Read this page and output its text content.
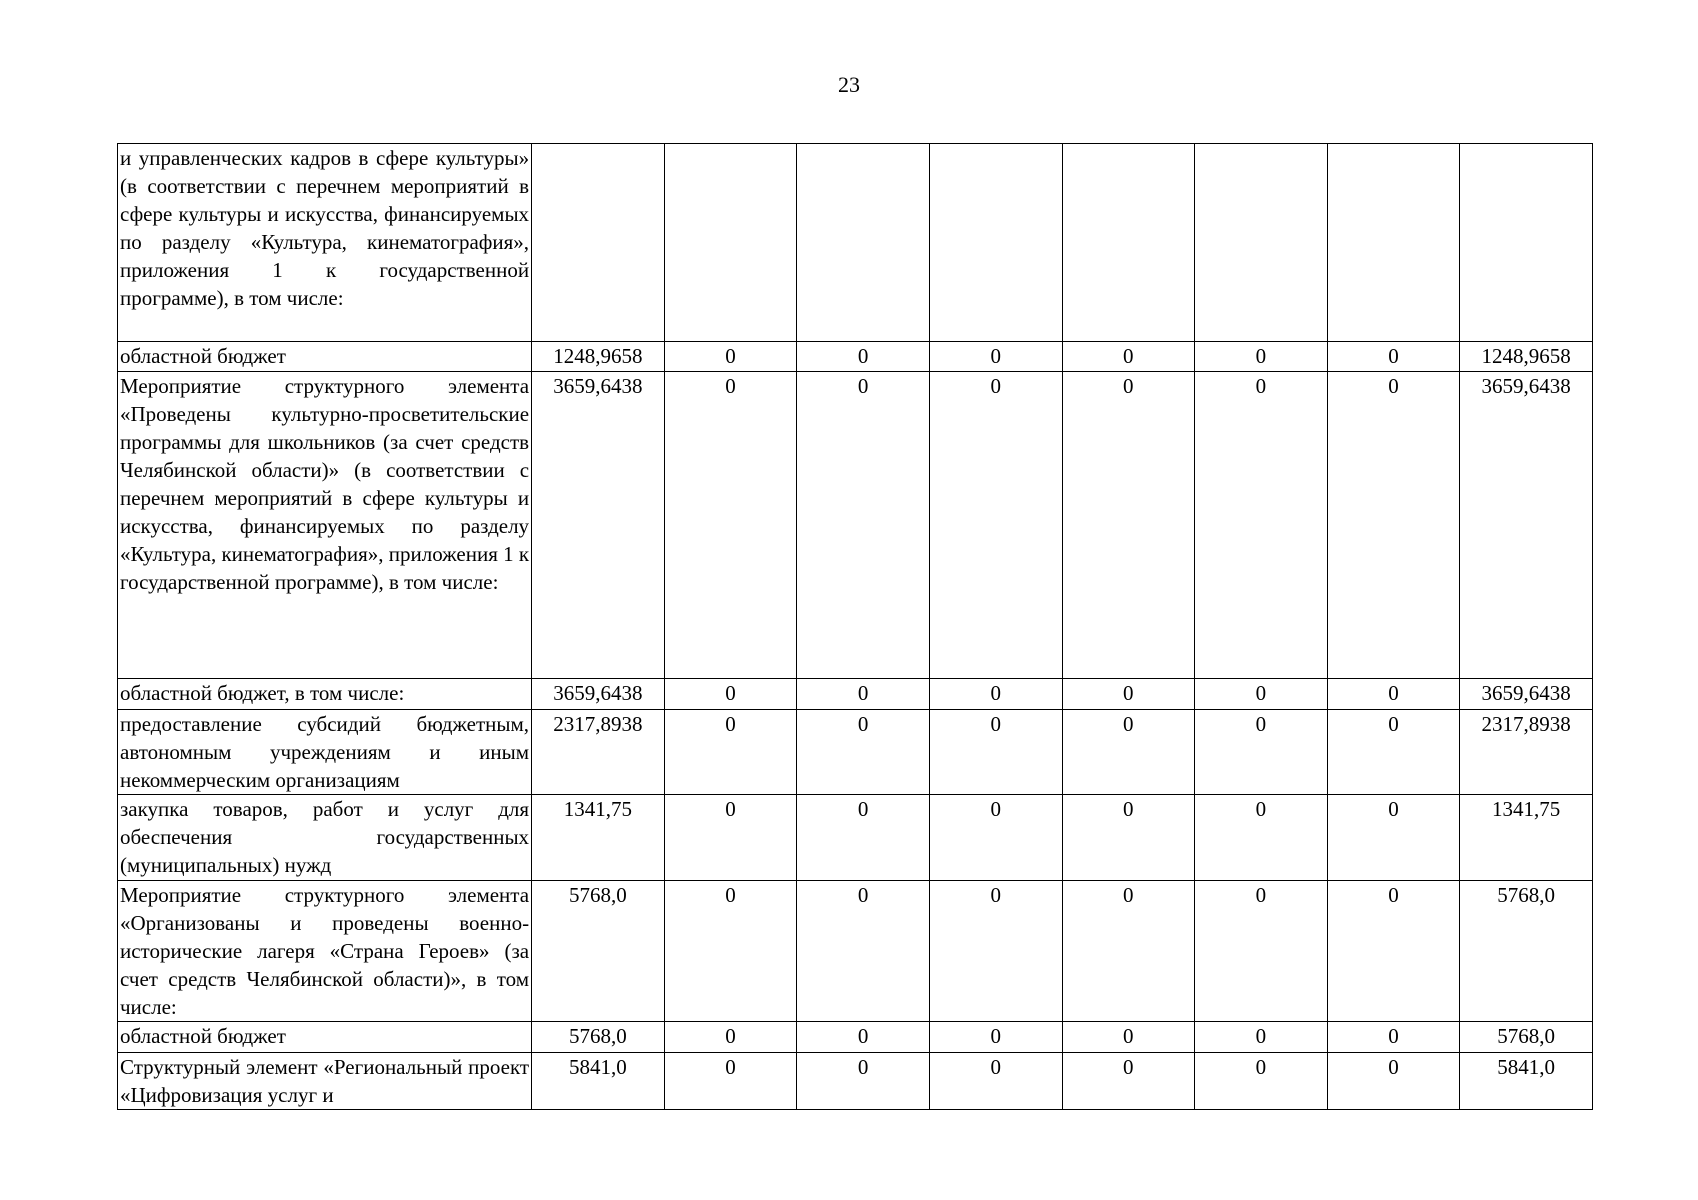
23
и управленческих кадров в сфере культуры» (в соответствии с перечнем мероприятий в сфере культуры и искусства, финансируемых по разделу «Культура, кинематография», приложения 1 к государственной программе), в том числе:								
областной бюджет	1248,9658	0	0	0	0	0	0	1248,9658
Мероприятие структурного элемента «Проведены культурно-просветительские программы для школьников (за счет средств Челябинской области)» (в соответствии с перечнем мероприятий в сфере культуры и искусства, финансируемых по разделу «Культура, кинематография», приложения 1 к государственной программе), в том числе:	3659,6438	0	0	0	0	0	0	3659,6438
областной бюджет, в том числе:	3659,6438	0	0	0	0	0	0	3659,6438
предоставление субсидий бюджетным, автономным учреждениям и иным некоммерческим организациям	2317,8938	0	0	0	0	0	0	2317,8938
закупка товаров, работ и услуг для обеспечения государственных (муниципальных) нужд	1341,75	0	0	0	0	0	0	1341,75
Мероприятие структурного элемента «Организованы и проведены военно-исторические лагеря «Страна Героев» (за счет средств Челябинской области)», в том числе:	5768,0	0	0	0	0	0	0	5768,0
областной бюджет	5768,0	0	0	0	0	0	0	5768,0
Структурный элемент «Региональный проект «Цифровизация услуг и	5841,0	0	0	0	0	0	0	5841,0
